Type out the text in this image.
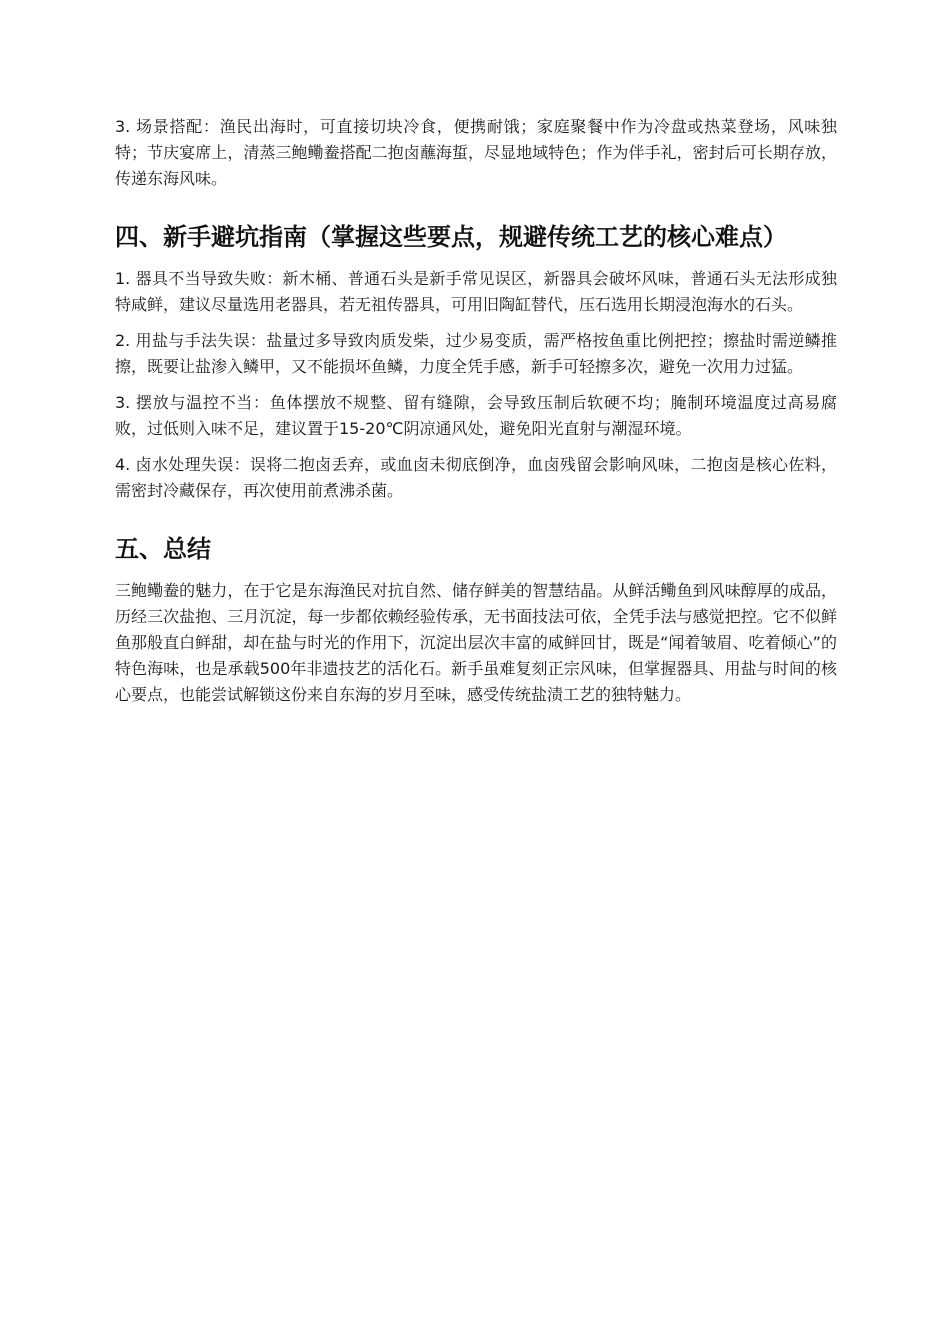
3. 场景搭配：渔民出海时，可直接切块冷食，便携耐饿；家庭聚餐中作为冷盘或热菜登场，风味独特；节庆宴席上，清蒸三鲍鳓鲞搭配二抱卤蘸海蜇，尽显地域特色；作为伴手礼，密封后可长期存放，传递东海风味。

四、新手避坑指南（掌握这些要点，规避传统工艺的核心难点）

1. 器具不当导致失败：新木桶、普通石头是新手常见误区，新器具会破坏风味，普通石头无法形成独特咸鲜，建议尽量选用老器具，若无祖传器具，可用旧陶缸替代，压石选用长期浸泡海水的石头。

2. 用盐与手法失误：盐量过多导致肉质发柴，过少易变质，需严格按鱼重比例把控；擦盐时需逆鳞推擦，既要让盐渗入鳞甲，又不能损坏鱼鳞，力度全凭手感，新手可轻擦多次，避免一次用力过猛。

3. 摆放与温控不当：鱼体摆放不规整、留有缝隙，会导致压制后软硬不均；腌制环境温度过高易腐败，过低则入味不足，建议置于15-20℃阴凉通风处，避免阳光直射与潮湿环境。

4. 卤水处理失误：误将二抱卤丢弃，或血卤未彻底倒净，血卤残留会影响风味，二抱卤是核心佐料，需密封冷藏保存，再次使用前煮沸杀菌。

五、总结

三鲍鳓鲞的魅力，在于它是东海渔民对抗自然、储存鲜美的智慧结晶。从鲜活鳓鱼到风味醇厚的成品，历经三次盐抱、三月沉淀，每一步都依赖经验传承，无书面技法可依，全凭手法与感觉把控。它不似鲜鱼那般直白鲜甜，却在盐与时光的作用下，沉淀出层次丰富的咸鲜回甘，既是“闻着皱眉、吃着倾心”的特色海味，也是承载500年非遗技艺的活化石。新手虽难复刻正宗风味，但掌握器具、用盐与时间的核心要点，也能尝试解锁这份来自东海的岁月至味，感受传统盐渍工艺的独特魅力。
